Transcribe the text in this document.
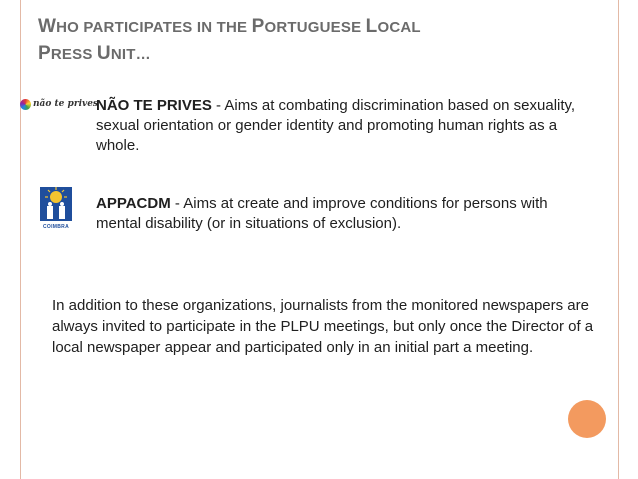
WHO PARTICIPATES IN THE PORTUGUESE LOCAL
PRESS UNIT…
não te prives
NÃO TE PRIVES - Aims at combating discrimination based on sexuality, sexual orientation or gender identity and promoting human rights as a whole.
COIMBRA
APPACDM - Aims at create and improve conditions for persons with mental disability (or in situations of exclusion).
In addition to these organizations, journalists from the monitored newspapers are always invited to participate in the PLPU meetings, but only once the Director of a local newspaper appear and participated only in an initial part a meeting.
